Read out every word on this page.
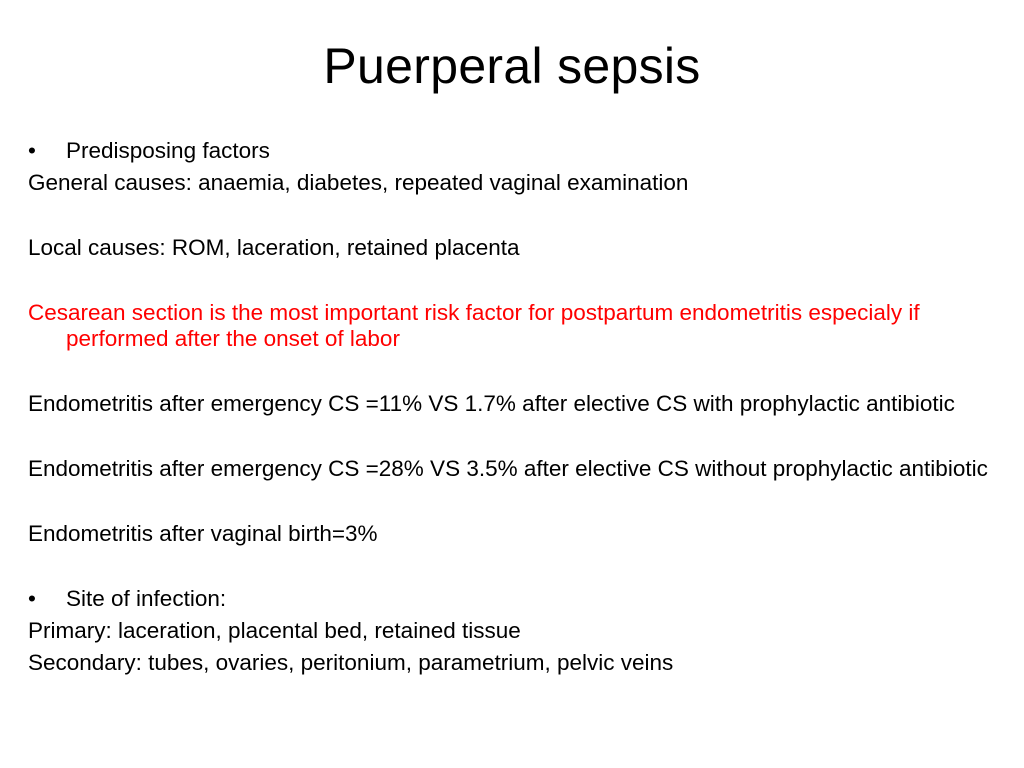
Puerperal sepsis

•	Predisposing factors

General causes: anaemia, diabetes, repeated vaginal examination

Local causes: ROM, laceration, retained placenta

Cesarean section is the most important risk factor for postpartum endometritis especialy if performed after the onset of labor

Endometritis after emergency CS =11% VS 1.7% after elective CS with prophylactic antibiotic

Endometritis after emergency CS =28% VS 3.5% after elective CS without prophylactic antibiotic

Endometritis after vaginal birth=3%

•	Site of infection:

Primary: laceration, placental bed, retained tissue

Secondary: tubes, ovaries, peritonium, parametrium, pelvic veins
